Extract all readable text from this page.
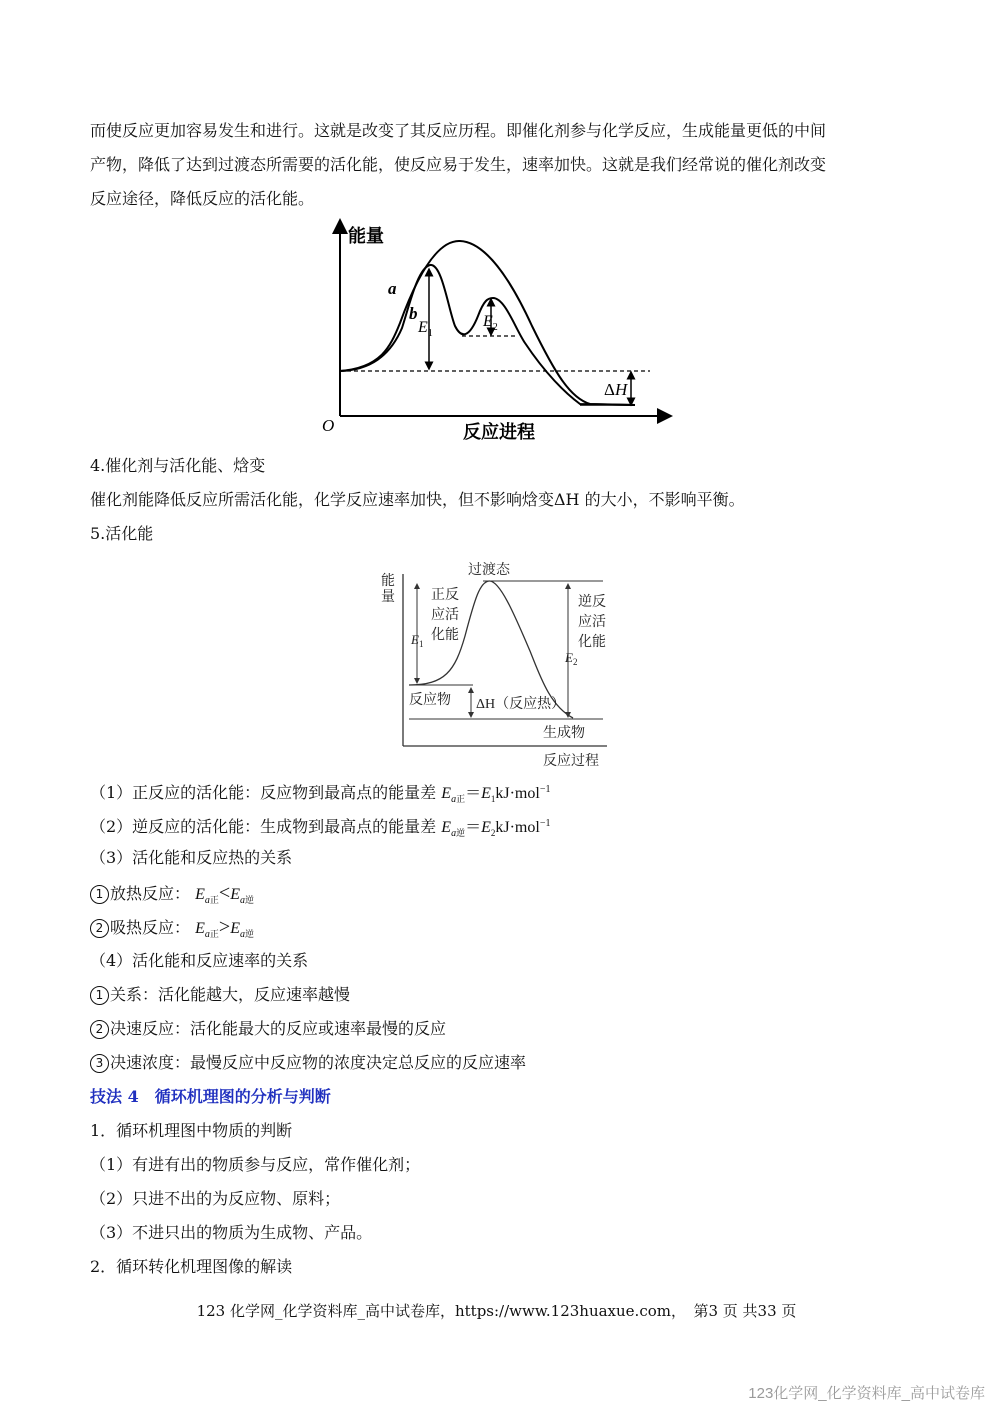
而使反应更加容易发生和进行。这就是改变了其反应历程。即催化剂参与化学反应，生成能量更低的中间
产物，降低了达到过渡态所需要的活化能，使反应易于发生，速率加快。这就是我们经常说的催化剂改变
反应途径，降低反应的活化能。
能量
反应进程
O
a
b
$E_1$
$E_2$
ΔH
4.催化剂与活化能、焓变
催化剂能降低反应所需活化能，化学反应速率加快，但不影响焓变ΔH 的大小，不影响平衡。
5.活化能
能
量
过渡态
正反
应活
化能
逆反
应活
化能
$E_1$
$E_2$
反应物 ΔH（反应热）
生成物
反应过程
（1）正反应的活化能：反应物到最高点的能量差 $E_{a正}=E_1kJ\cdot mol^{-1}$
（2）逆反应的活化能：生成物到最高点的能量差 $E_{a逆}=E_2kJ\cdot mol^{-1}$
（3）活化能和反应热的关系
1 放热反应： $E_{a正}<E_{a逆}$
2 吸热反应： $E_{a正}>E_{a逆}$
（4）活化能和反应速率的关系
1 关系：活化能越大，反应速率越慢
2 决速反应：活化能最大的反应或速率最慢的反应
3 决速浓度：最慢反应中反应物的浓度决定总反应的反应速率
技法 4　循环机理图的分析与判断
1．循环机理图中物质的判断
（1）有进有出的物质参与反应，常作催化剂；
（2）只进不出的为反应物、原料；
（3）不进只出的物质为生成物、产品。
2．循环转化机理图像的解读
123 化学网_化学资料库_高中试卷库，https://www.123huaxue.com，　第3 页 共33 页
123化学网_化学资料库_高中试卷库
